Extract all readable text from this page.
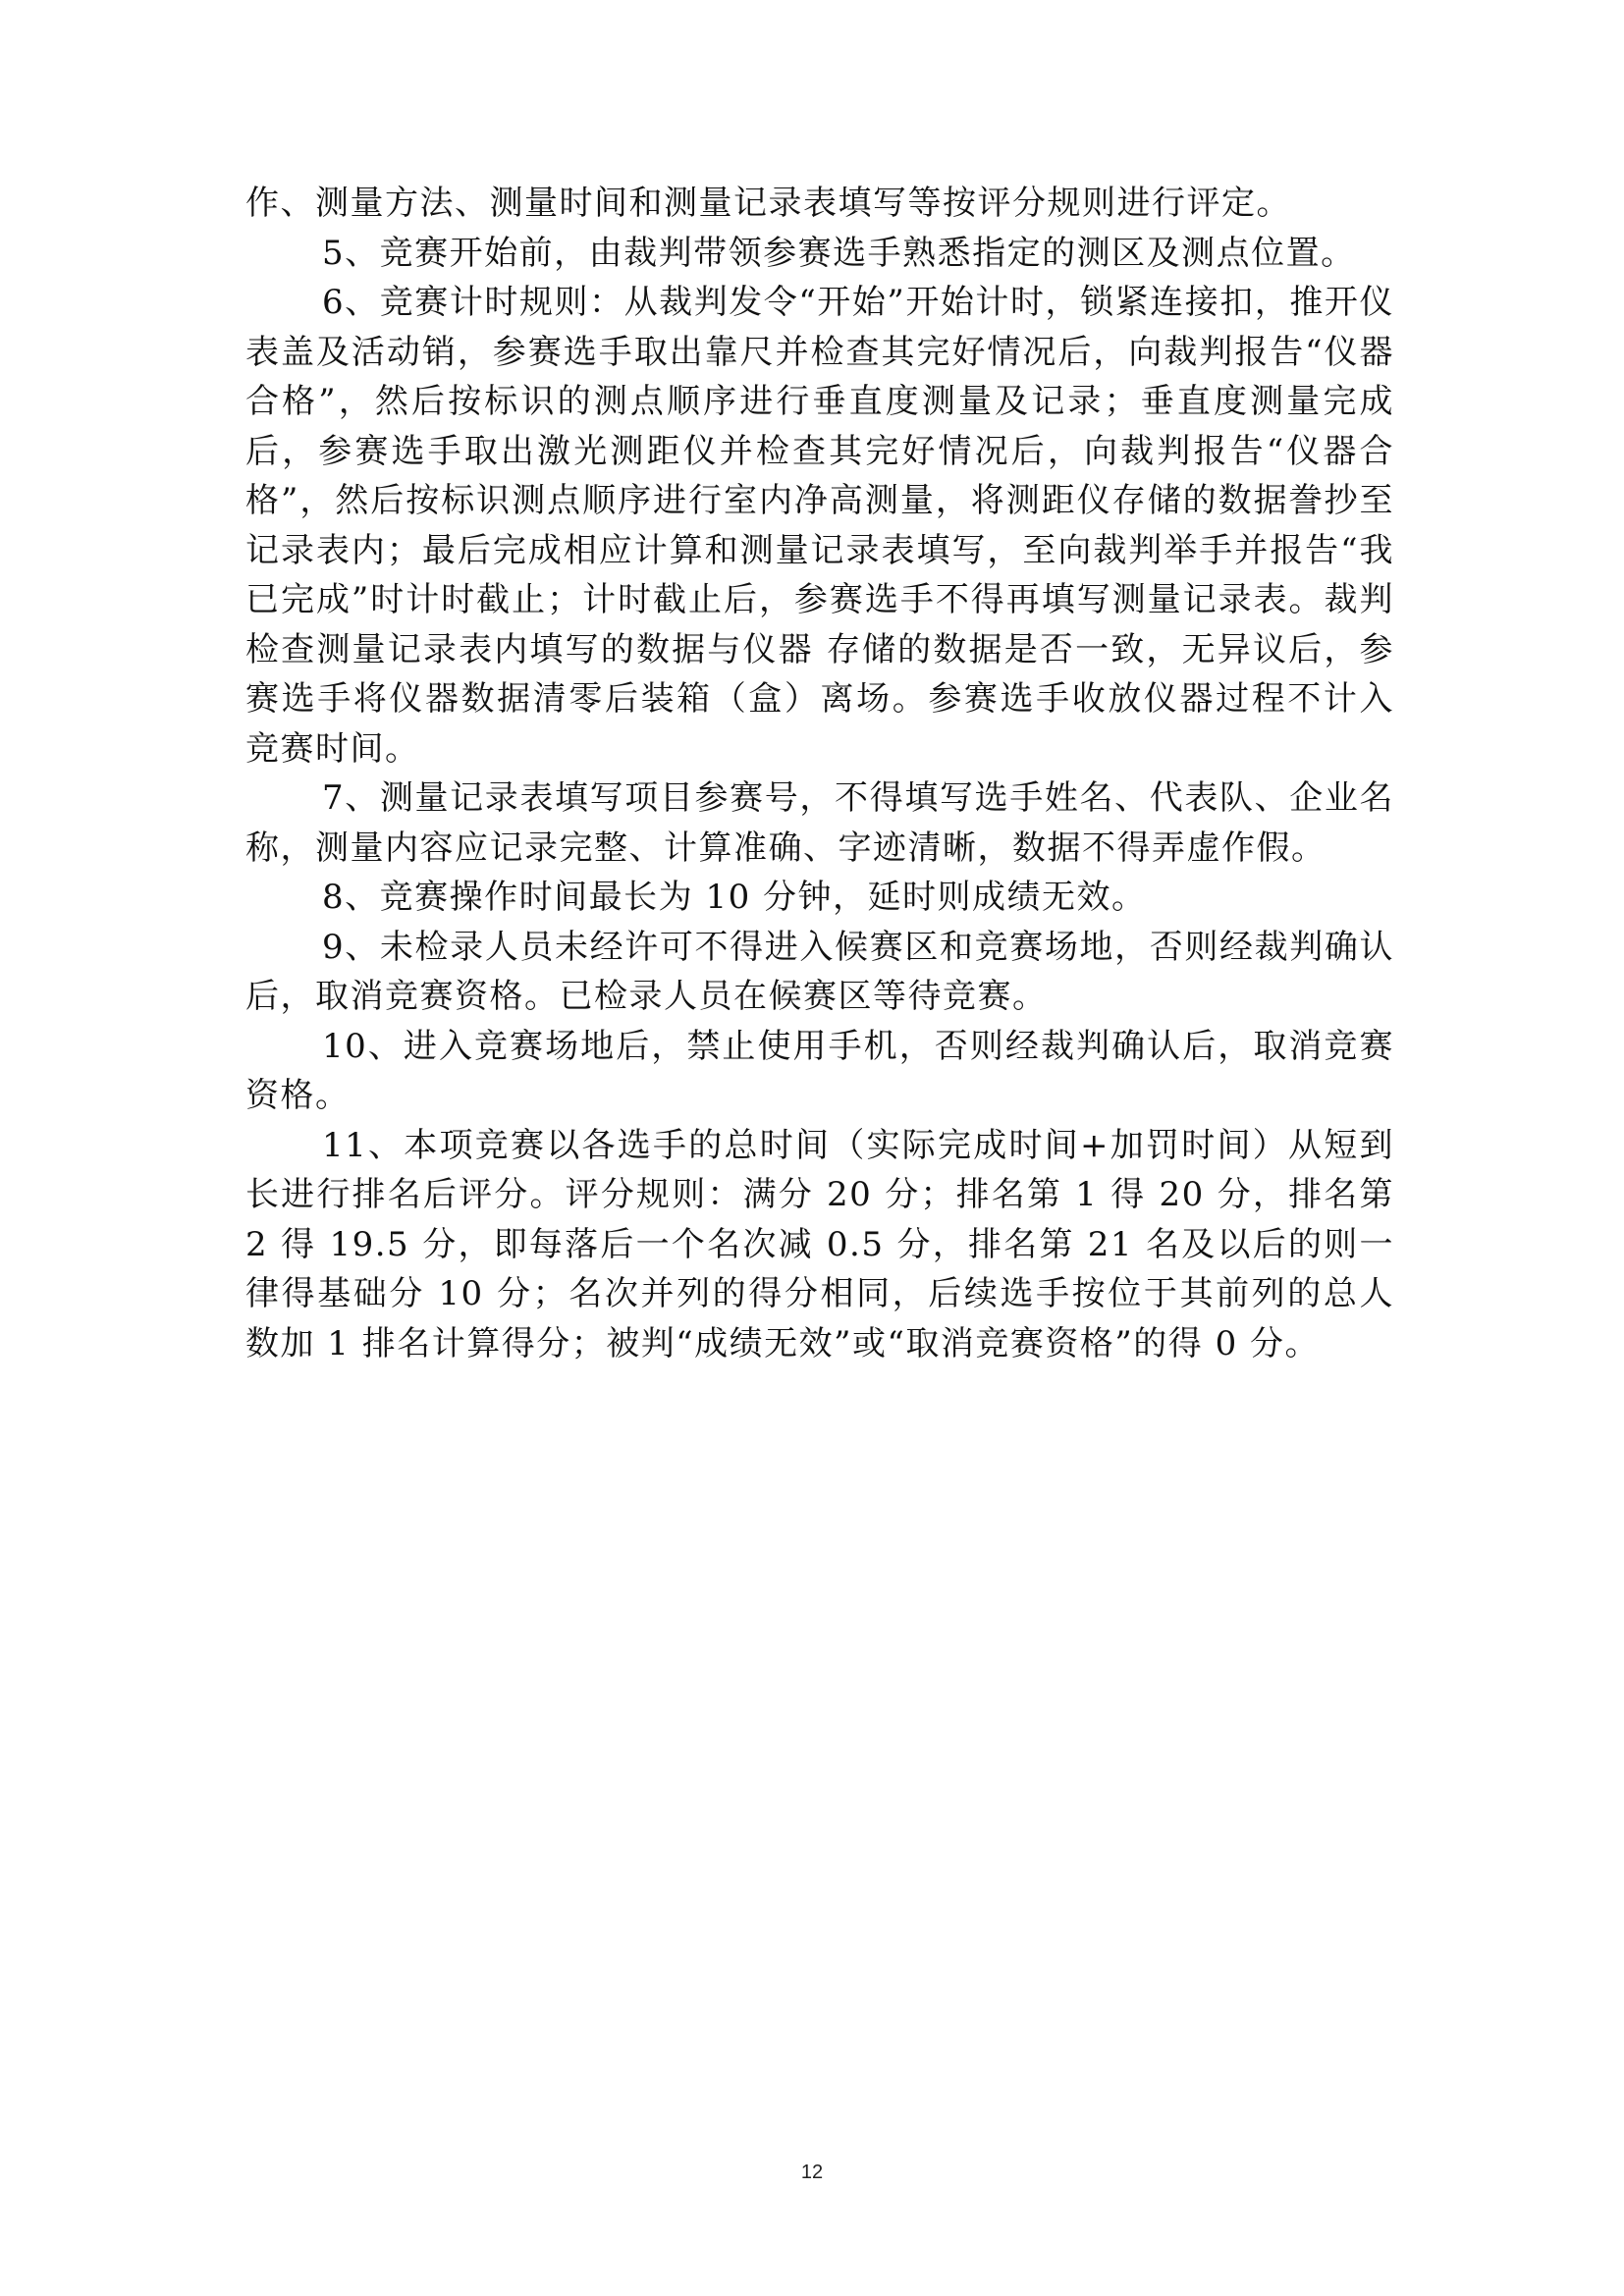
作、测量方法、测量时间和测量记录表填写等按评分规则进行评定。

5、竞赛开始前，由裁判带领参赛选手熟悉指定的测区及测点位置。

6、竞赛计时规则：从裁判发令“开始”开始计时，锁紧连接扣，推开仪表盖及活动销，参赛选手取出靠尺并检查其完好情况后，向裁判报告“仪器合格”，然后按标识的测点顺序进行垂直度测量及记录；垂直度测量完成后，参赛选手取出激光测距仪并检查其完好情况后，向裁判报告“仪器合格”，然后按标识测点顺序进行室内净高测量，将测距仪存储的数据誊抄至记录表内；最后完成相应计算和测量记录表填写，至向裁判举手并报告“我已完成”时计时截止；计时截止后，参赛选手不得再填写测量记录表。裁判检查测量记录表内填写的数据与仪器 存储的数据是否一致，无异议后，参赛选手将仪器数据清零后装箱（盒）离场。参赛选手收放仪器过程不计入竞赛时间。

7、测量记录表填写项目参赛号，不得填写选手姓名、代表队、企业名称，测量内容应记录完整、计算准确、字迹清晰，数据不得弄虚作假。

8、竞赛操作时间最长为 10 分钟，延时则成绩无效。

9、未检录人员未经许可不得进入候赛区和竞赛场地，否则经裁判确认后，取消竞赛资格。已检录人员在候赛区等待竞赛。

10、进入竞赛场地后，禁止使用手机，否则经裁判确认后，取消竞赛资格。

11、本项竞赛以各选手的总时间（实际完成时间+加罚时间）从短到长进行排名后评分。评分规则：满分 20 分；排名第 1 得 20 分，排名第 2 得 19.5 分，即每落后一个名次减 0.5 分，排名第 21 名及以后的则一律得基础分 10 分；名次并列的得分相同，后续选手按位于其前列的总人数加 1 排名计算得分；被判“成绩无效”或“取消竞赛资格”的得 0 分。

12
